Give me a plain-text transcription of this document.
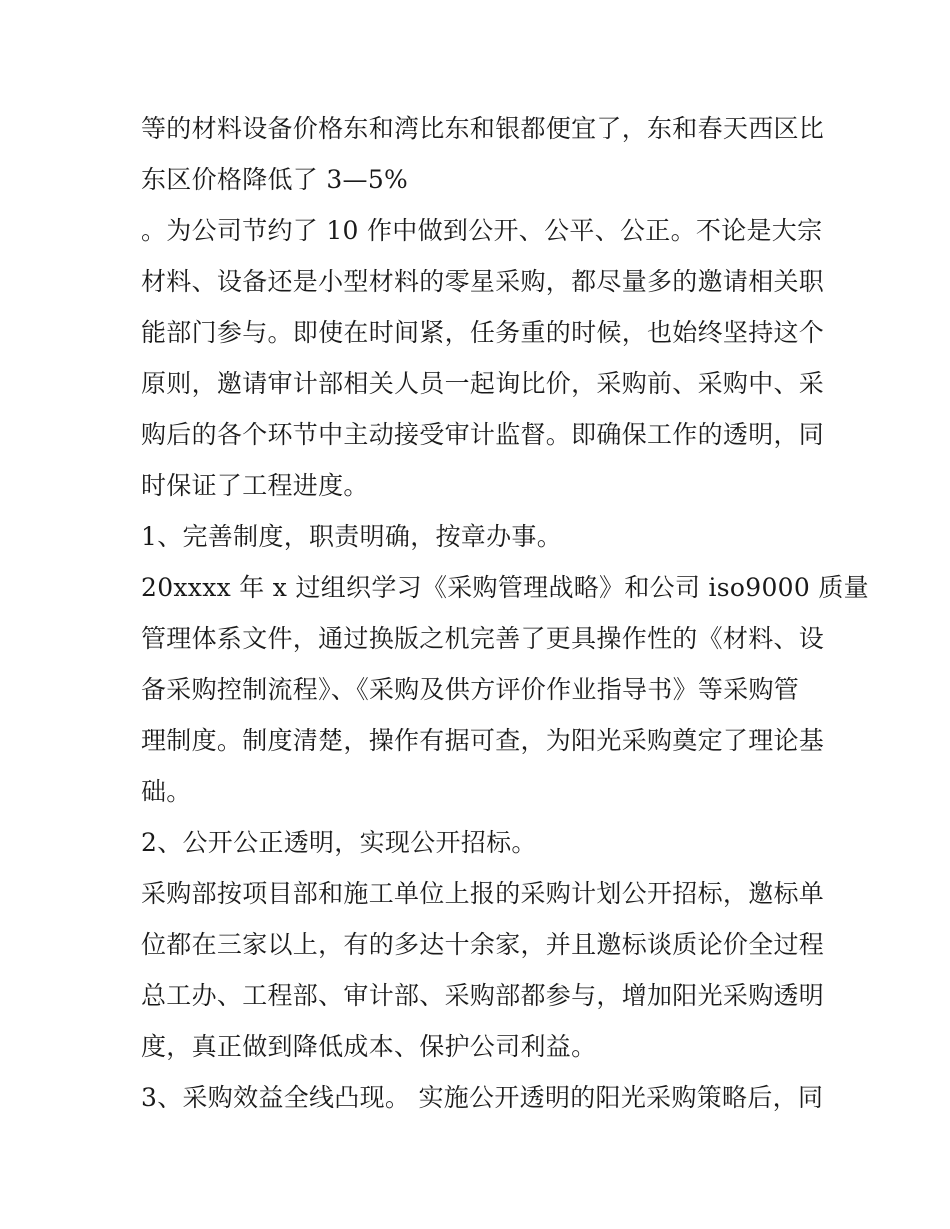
等的材料设备价格东和湾比东和银都便宜了，东和春天西区比
东区价格降低了 3—5%
。为公司节约了 10 作中做到公开、公平、公正。不论是大宗
材料、设备还是小型材料的零星采购，都尽量多的邀请相关职
能部门参与。即使在时间紧，任务重的时候，也始终坚持这个
原则，邀请审计部相关人员一起询比价，采购前、采购中、采
购后的各个环节中主动接受审计监督。即确保工作的透明，同
时保证了工程进度。
1、完善制度，职责明确，按章办事。
20xxxx 年 x 过组织学习《采购管理战略》和公司 iso9000 质量
管理体系文件，通过换版之机完善了更具操作性的《材料、设
备采购控制流程》、《采购及供方评价作业指导书》等采购管
理制度。制度清楚，操作有据可查，为阳光采购奠定了理论基
础。
2、公开公正透明，实现公开招标。
采购部按项目部和施工单位上报的采购计划公开招标，邀标单
位都在三家以上，有的多达十余家，并且邀标谈质论价全过程
总工办、工程部、审计部、采购部都参与，增加阳光采购透明
度，真正做到降低成本、保护公司利益。
3、采购效益全线凸现。 实施公开透明的阳光采购策略后，同
